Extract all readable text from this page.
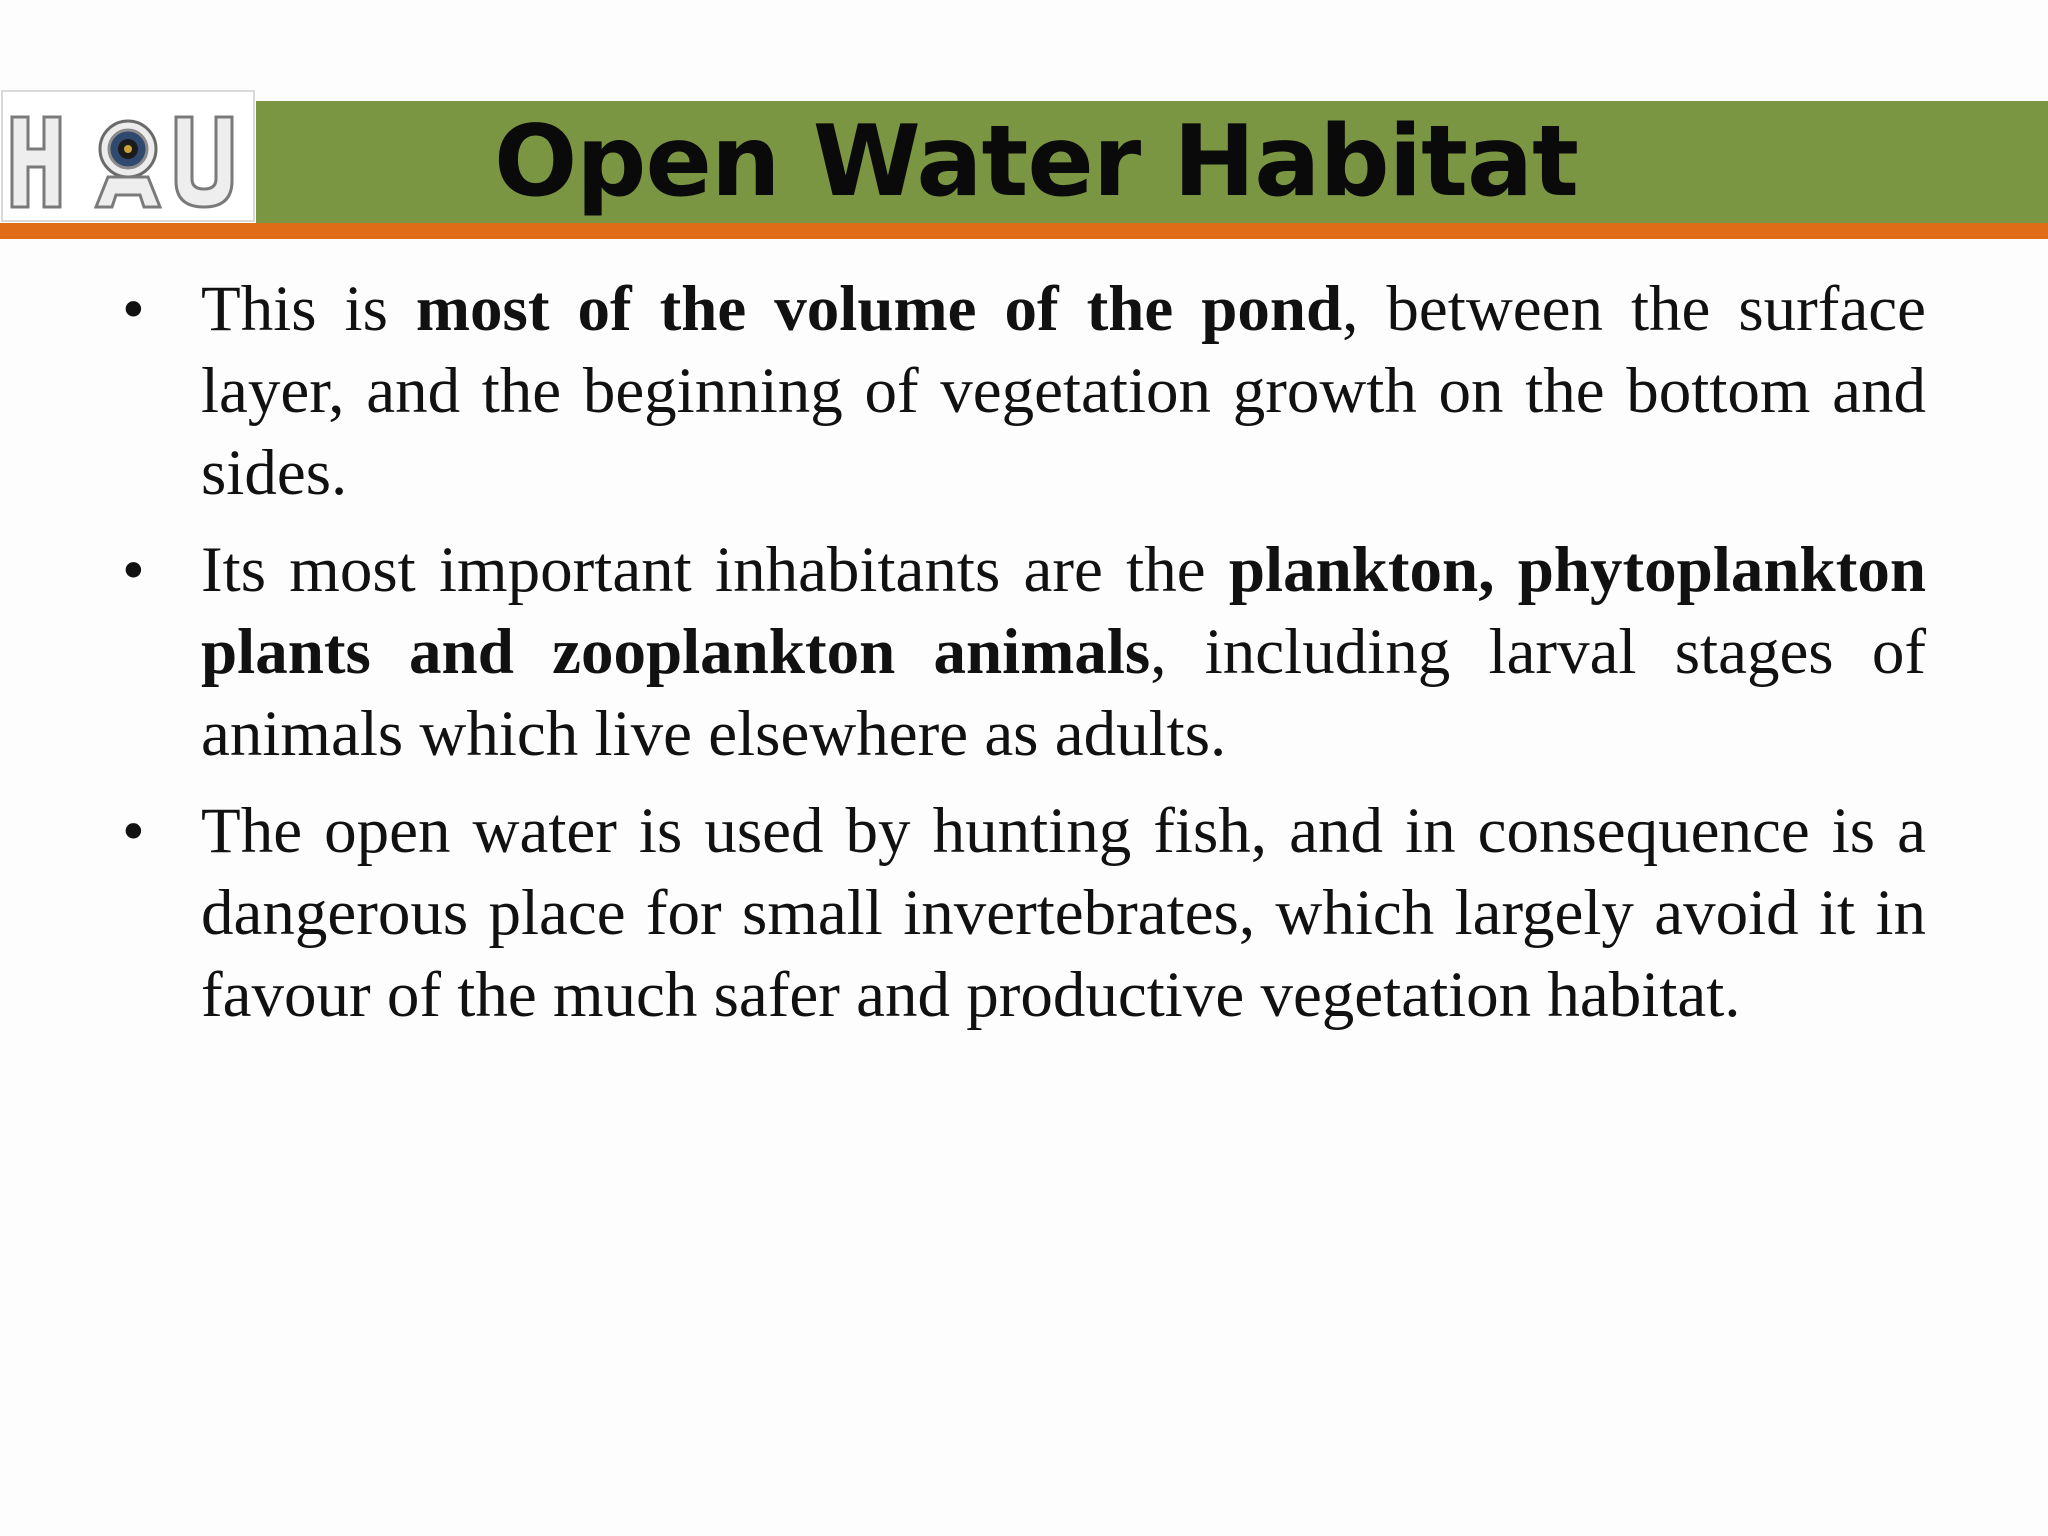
Open Water Habitat
• This is most of the volume of the pond, between the surface layer, and the beginning of vegetation growth on the bottom and sides.
• Its most important inhabitants are the plankton, phytoplankton plants and zooplankton animals, including larval stages of animals which live elsewhere as adults.
• The open water is used by hunting fish, and in consequence is a dangerous place for small invertebrates, which largely avoid it in favour of the much safer and productive vegetation habitat.
